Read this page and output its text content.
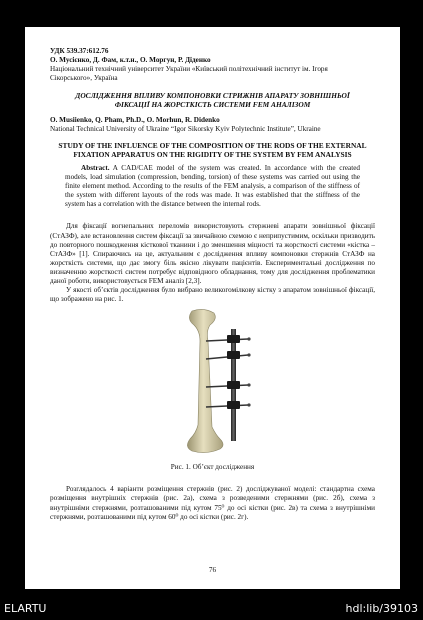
УДК 539.37:612.76
О. Мусієнко, Д. Фам, к.т.н., О. Моргун, Р. Діденко
Національний технічний університет України «Київський політехнічний інститут ім. Ігоря Сікорського», Україна
ДОСЛІДЖЕННЯ ВПЛИВУ КОМПОНОВКИ СТРИЖНІВ АПАРАТУ ЗОВНІШНЬОЇ ФІКСАЦІЇ НА ЖОРСТКІСТЬ СИСТЕМИ FEM АНАЛІЗОМ
O. Musiienko, Q. Pham, Ph.D., O. Morhun, R. Didenko
National Technical University of Ukraine “Igor Sikorsky Kyiv Polytechnic Institute”, Ukraine
STUDY OF THE INFLUENCE OF THE COMPOSITION OF THE RODS OF THE EXTERNAL FIXATION APPARATUS ON THE RIGIDITY OF THE SYSTEM BY FEM ANALYSIS
Abstract. A CAD/CAE model of the system was created. In accordance with the created models, load simulation (compression, bending, torsion) of these systems was carried out using the finite element method. According to the results of the FEM analysis, a comparison of the stiffness of the system with different layouts of the rods was made. It was established that the stiffness of the system has a correlation with the distance between the internal rods.
Для фіксації вогнепальних переломів використовують стержневі апарати зовнішньої фіксації (СтАЗФ), але встановлення систем фіксації за звичайною схемою є неприпустимим, оскільки призводить до повторного пошкодження кісткової тканини і до зменшення міцності та жорсткості системи «кістка – СтАЗФ» [1]. Спираючись на це, актуальним є дослідження впливу компоновки стержнів СтАЗФ на жорсткість системи, що дає змогу біль якісно лікувати пацієнтів. Експериментальні дослідження по визначенню жорсткості систем потребує відповідного обладнання, тому для дослідження проблематики даної роботи, використовується FEM аналіз [2,3].
У якості об’єктів дослідження було вибрано великогомілкову кістку з апаратом зовнішньої фіксації, що зображено на рис. 1.
Рис. 1. Об’єкт дослідження
Розглядалось 4 варіанти розміщення стержнів (рис. 2) досліджуваної моделі: стандартна схема розміщення внутрішніх стержнів (рис. 2а), схема з розведеними стержнями (рис. 2б), схема з внутрішніми стержнями, розташованими під кутом 75⁰ до осі кістки (рис. 2в) та схема з внутрішніми стержнями, розташованими під кутом 60⁰ до осі кістки (рис. 2г).
76
ELARTU	hdl:lib/39103
